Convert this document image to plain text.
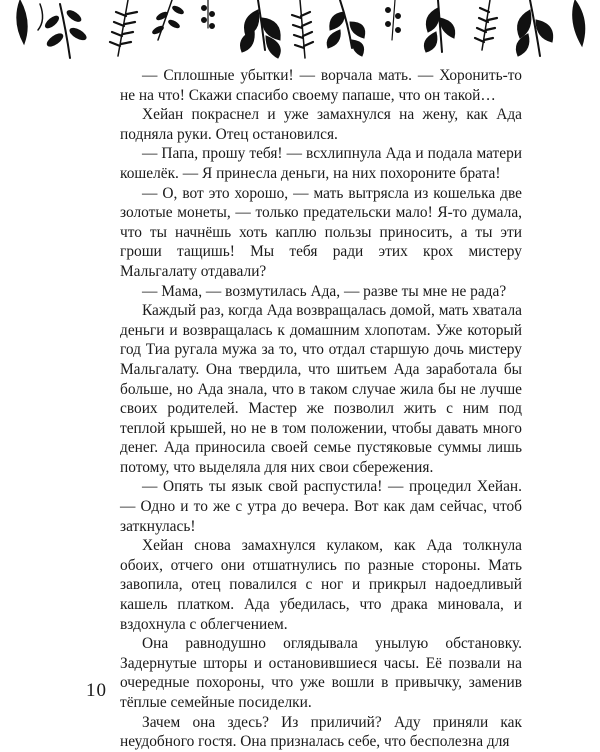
— Сплошные убытки! — ворчала мать. — Хоронить-то не на что! Скажи спасибо своему папаше, что он такой…

Хейан покраснел и уже замахнулся на жену, как Ада подняла руки. Отец остановился.

— Папа, прошу тебя! — всхлипнула Ада и подала матери кошелёк. — Я принесла деньги, на них похороните брата!

— О, вот это хорошо, — мать вытрясла из кошелька две золотые монеты, — только предательски мало! Я-то думала, что ты начнёшь хоть каплю пользы приносить, а ты эти гроши тащишь! Мы тебя ради этих крох мистеру Мальгалату отдавали?

— Мама, — возмутилась Ада, — разве ты мне не рада?

Каждый раз, когда Ада возвращалась домой, мать хватала деньги и возвращалась к домашним хлопотам. Уже который год Тиа ругала мужа за то, что отдал старшую дочь мистеру Мальгалату. Она твердила, что шитьем Ада заработала бы больше, но Ада знала, что в таком случае жила бы не лучше своих родителей. Мастер же позволил жить с ним под теплой крышей, но не в том положении, чтобы давать много денег. Ада приносила своей семье пустяковые суммы лишь потому, что выделяла для них свои сбережения.

— Опять ты язык свой распустила! — процедил Хейан. — Одно и то же с утра до вечера. Вот как дам сейчас, чтоб заткнулась!

Хейан снова замахнулся кулаком, как Ада толкнула обоих, отчего они отшатнулись по разные стороны. Мать завопила, отец повалился с ног и прикрыл надоедливый кашель платком. Ада убедилась, что драка миновала, и вздохнула с облегчением.

Она равнодушно оглядывала унылую обстановку. Задернутые шторы и остановившиеся часы. Её позвали на очередные похороны, что уже вошли в привычку, заменив тёплые семейные посиделки.

Зачем она здесь? Из приличий? Аду приняли как неудобного гостя. Она призналась себе, что бесполезна для

10
